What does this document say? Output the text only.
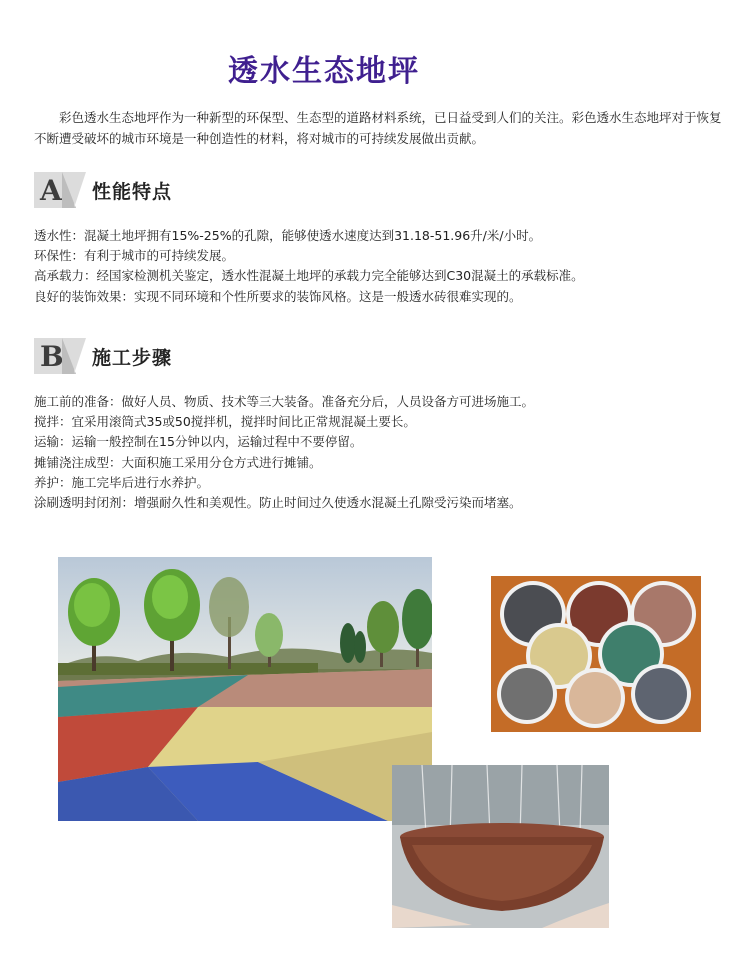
透水生态地坪
彩色透水生态地坪作为一种新型的环保型、生态型的道路材料系统，已日益受到人们的关注。彩色透水生态地坪对于恢复不断遭受破坏的城市环境是一种创造性的材料，将对城市的可持续发展做出贡献。
A 性能特点
透水性：混凝土地坪拥有15%-25%的孔隙，能够使透水速度达到31.18-51.96升/米/小时。
环保性：有利于城市的可持续发展。
高承载力：经国家检测机关鉴定，透水性混凝土地坪的承载力完全能够达到C30混凝土的承载标准。
良好的装饰效果：实现不同环境和个性所要求的装饰风格。这是一般透水砖很难实现的。
B 施工步骤
施工前的准备：做好人员、物质、技术等三大装备。准备充分后，人员设备方可进场施工。
搅拌：宜采用滚筒式35或50搅拌机，搅拌时间比正常规混凝土要长。
运输：运输一般控制在15分钟以内，运输过程中不要停留。
摊铺浇注成型：大面积施工采用分仓方式进行摊铺。
养护：施工完毕后进行水养护。
涂刷透明封闭剂：增强耐久性和美观性。防止时间过久使透水混凝土孔隙受污染而堵塞。
